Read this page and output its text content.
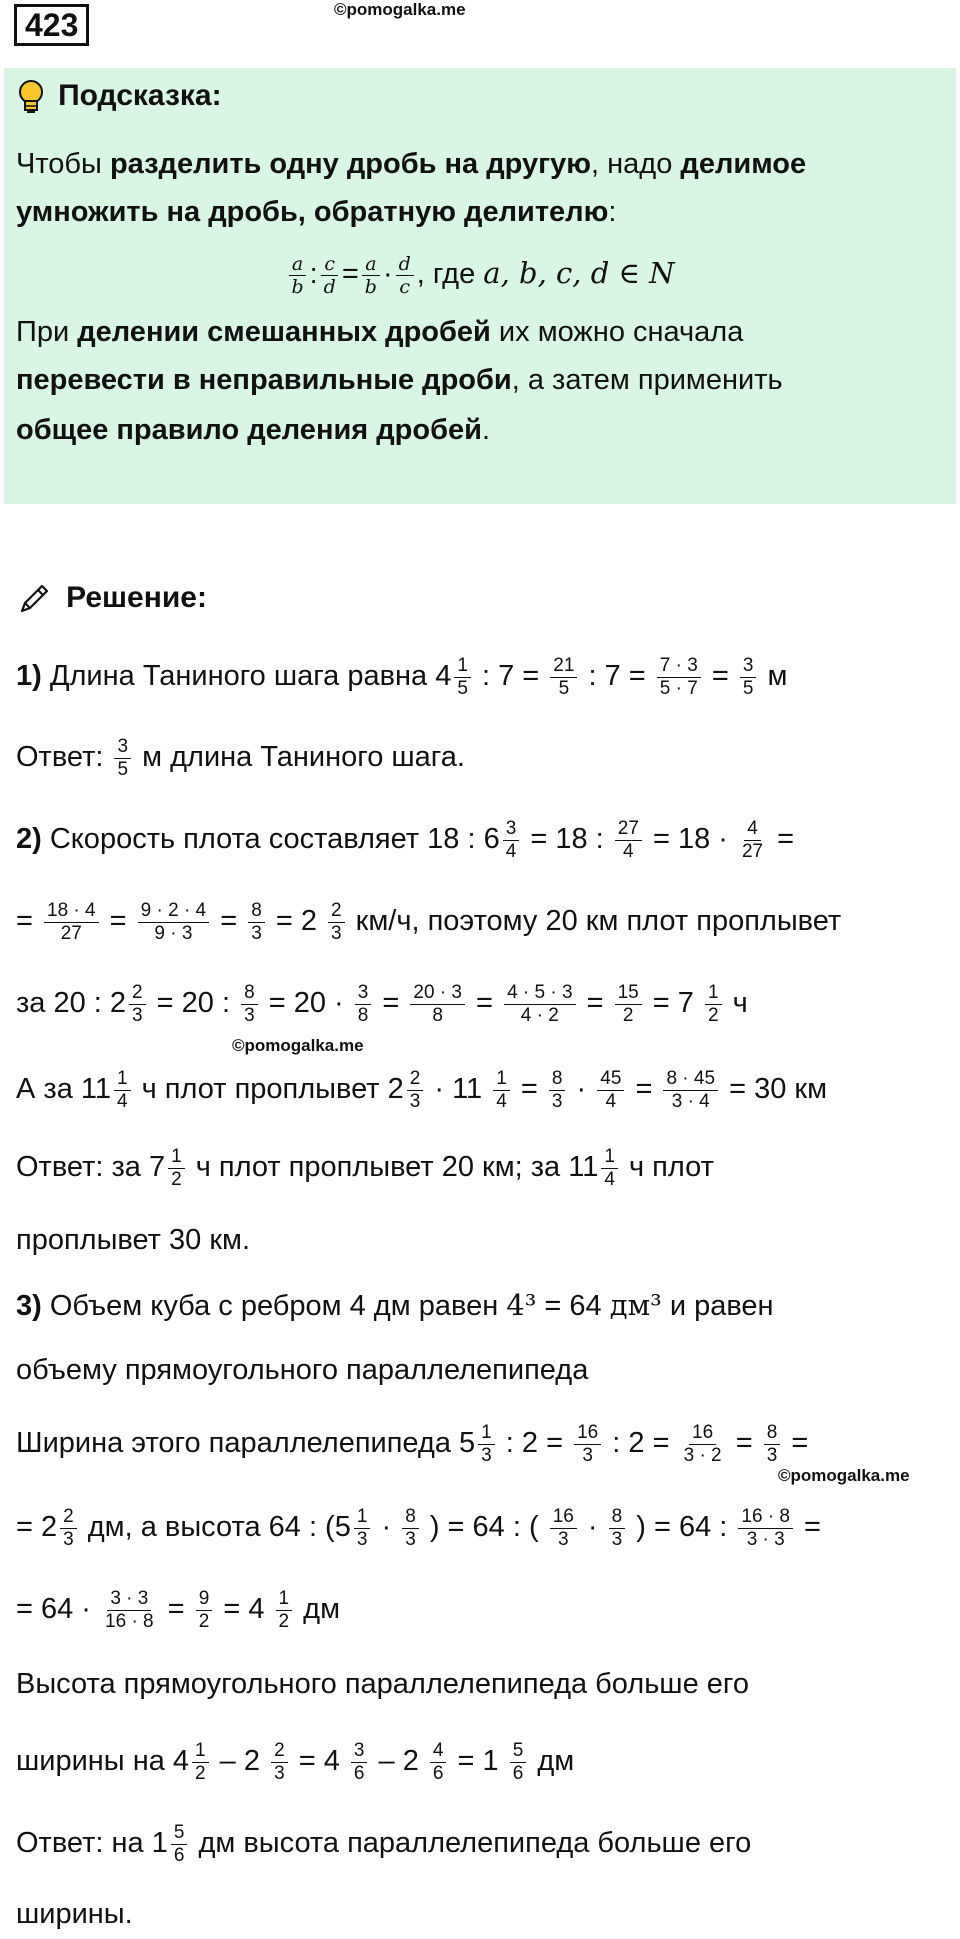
423	©pomogalka.me
Подсказка:
Чтобы разделить одну дробь на другую, надо делимое
умножить на дробь, обратную делителю:
$\frac{a}{b}$ : $\frac{c}{d} = \frac{a}{b} \cdot \frac{d}{c}$ , где a, b, c, d ∈ N
При делении смешанных дробей их можно сначала
перевести в неправильные дроби, а затем применить
общее правило деления дробей.
Решение:
1) Длина Таниного шага равна $4 \frac{1}{5}$ : $7 = \frac{21}{5}$ : $7 = \frac{7 \cdot 3}{5 \cdot 7} = \frac{3}{5}$ м
Ответ: $\frac{3}{5}$ м длина Таниного шага.
2) Скорость плота составляет 18 : $6 \frac{3}{4} = 18$ : $\frac{27}{4} = 18 \cdot \frac{4}{27}$ =
= $\frac{18 \cdot 4}{27} = \frac{9 \cdot 2 \cdot 4}{9 \cdot 3} = \frac{8}{3} = 2 \frac{2}{3} км/ч$, поэтому 20 км плот проплывет
за 20 : $2 \frac{2}{3} = 20$ : $\frac{8}{3} = 20 \cdot \frac{3}{8} = \frac{20 \cdot 3}{8} = \frac{4 \cdot 5 \cdot 3}{4 \cdot 2} = \frac{15}{2} = 7 \frac{1}{2}$ ч
©pomogalka.me
А за $11 \frac{1}{4}$ ч плот проплывет $2 \frac{2}{3} \cdot 11 \frac{1}{4} = \frac{8}{3} \cdot \frac{45}{4} = \frac{8 \cdot 45}{3 \cdot 4} = 30$ км
Ответ: за $7 \frac{1}{2}$ ч плот проплывет 20 км; за $11 \frac{1}{4}$ ч плот
проплывет 30 км.
3) Объем куба с ребром 4 дм равен 4³ = 64 дм³ и равен
объему прямоугольного параллелепипеда
Ширина этого параллелепипеда $5 \frac{1}{3}$ : $2 = \frac{16}{3}$ : $2 = \frac{16}{3 \cdot 2} = \frac{8}{3}$ =
©pomogalka.me
= $2 \frac{2}{3}$ дм, а высота 64 : ($5 \frac{1}{3} \cdot \frac{8}{3}$ ) = 64 : ( $\frac{16}{3} \cdot \frac{8}{3}$ ) = 64 : $\frac{16 \cdot 8}{3 \cdot 3}$ =
= $64 \cdot \frac{3 \cdot 3}{16 \cdot 8} = \frac{9}{2} = 4 \frac{1}{2}$ дм
Высота прямоугольного параллелепипеда больше его
ширины на $4 \frac{1}{2} - 2 \frac{2}{3} = 4 \frac{3}{6} - 2 \frac{4}{6} = 1 \frac{5}{6}$ дм
Ответ: на $1 \frac{5}{6}$ дм высота параллелепипеда больше его
ширины.
